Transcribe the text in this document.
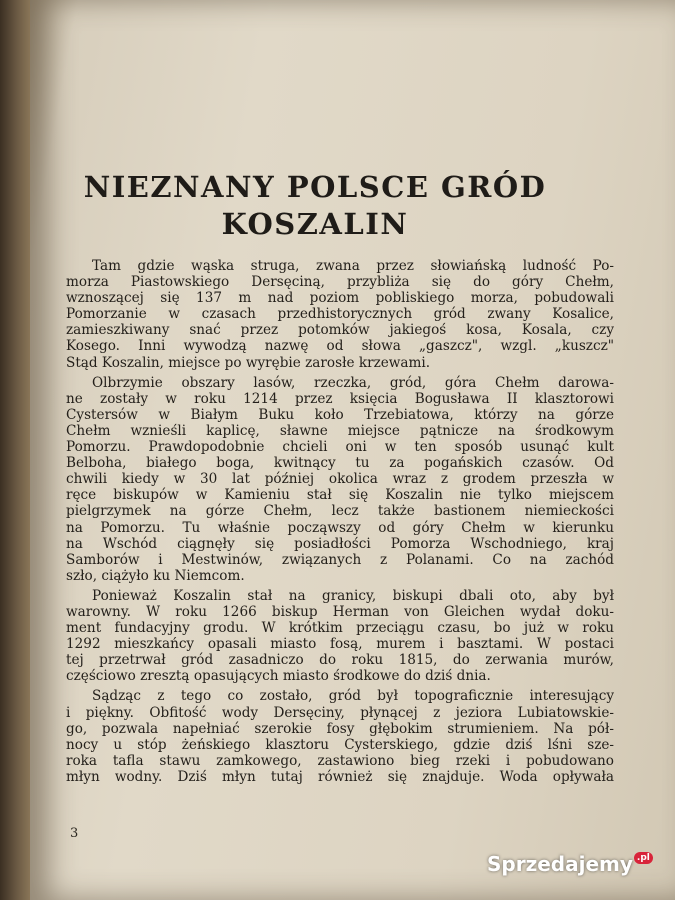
NIEZNANY POLSCE GRÓD
KOSZALIN
Tam gdzie wąska struga, zwana przez słowiańską ludność Po-
morza Piastowskiego Dersęciną, przybliża się do góry Chełm,
wznoszącej się 137 m nad poziom pobliskiego morza, pobudowali
Pomorzanie w czasach przedhistorycznych gród zwany Kosalice,
zamieszkiwany snać przez potomków jakiegoś kosa, Kosala, czy
Kosego. Inni wywodzą nazwę od słowa „gaszcz", wzgl. „kuszcz"
Stąd Koszalin, miejsce po wyrębie zarosłe krzewami.
Olbrzymie obszary lasów, rzeczka, gród, góra Chełm darowa-
ne zostały w roku 1214 przez księcia Bogusława II klasztorowi
Cystersów w Białym Buku koło Trzebiatowa, którzy na górze
Chełm wznieśli kaplicę, sławne miejsce pątnicze na środkowym
Pomorzu. Prawdopodobnie chcieli oni w ten sposób usunąć kult
Belboha, białego boga, kwitnący tu za pogańskich czasów. Od
chwili kiedy w 30 lat później okolica wraz z grodem przeszła w
ręce biskupów w Kamieniu stał się Koszalin nie tylko miejscem
pielgrzymek na górze Chełm, lecz także bastionem niemieckości
na Pomorzu. Tu właśnie począwszy od góry Chełm w kierunku
na Wschód ciągnęły się posiadłości Pomorza Wschodniego, kraj
Samborów i Mestwinów, związanych z Polanami. Co na zachód
szło, ciążyło ku Niemcom.
Ponieważ Koszalin stał na granicy, biskupi dbali oto, aby był
warowny. W roku 1266 biskup Herman von Gleichen wydał doku-
ment fundacyjny grodu. W krótkim przeciągu czasu, bo już w roku
1292 mieszkańcy opasali miasto fosą, murem i basztami. W postaci
tej przetrwał gród zasadniczo do roku 1815, do zerwania murów,
częściowo zresztą opasujących miasto środkowe do dziś dnia.
Sądząc z tego co zostało, gród był topograficznie interesujący
i piękny. Obfitość wody Dersęciny, płynącej z jeziora Lubiatowskie-
go, pozwala napełniać szerokie fosy głębokim strumieniem. Na pół-
nocy u stóp żeńskiego klasztoru Cysterskiego, gdzie dziś lśni sze-
roka tafla stawu zamkowego, zastawiono bieg rzeki i pobudowano
młyn wodny. Dziś młyn tutaj również się znajduje. Woda opływała
3
Sprzedajemy .pl
